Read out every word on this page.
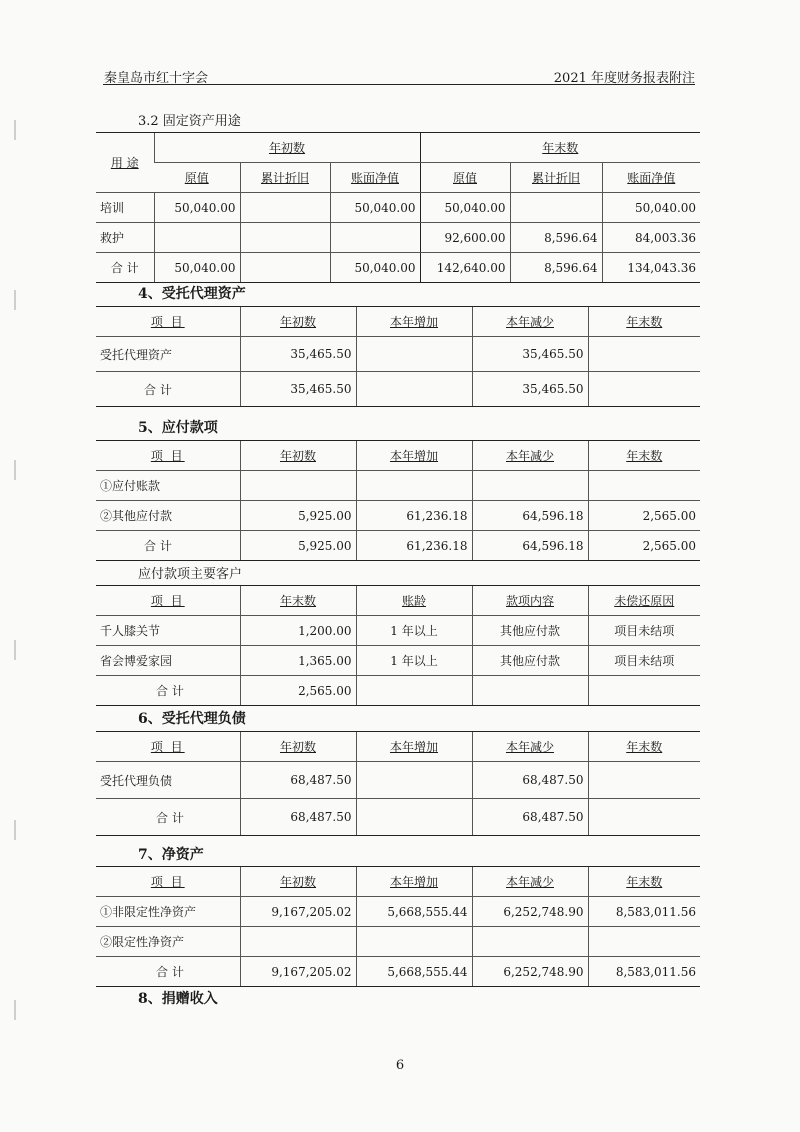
秦皇岛市红十字会	2021 年度财务报表附注
3.2 固定资产用途
用 途	年初数			年末数		
	原值	累计折旧	账面净值	原值	累计折旧	账面净值
培训	50,040.00		50,040.00	50,040.00		50,040.00
救护				92,600.00	8,596.64	84,003.36
合 计	50,040.00		50,040.00	142,640.00	8,596.64	134,043.36
4、受托代理资产
项 目	年初数	本年增加	本年减少	年末数
受托代理资产	35,465.50		35,465.50	
合 计	35,465.50		35,465.50	
5、应付款项
项 目	年初数	本年增加	本年减少	年末数
①应付账款				
②其他应付款	5,925.00	61,236.18	64,596.18	2,565.00
合 计	5,925.00	61,236.18	64,596.18	2,565.00
应付款项主要客户
项 目	年末数	账龄	款项内容	未偿还原因
千人膝关节	1,200.00	1 年以上	其他应付款	项目未结项
省会博爱家园	1,365.00	1 年以上	其他应付款	项目未结项
合 计	2,565.00			
6、受托代理负债
项 目	年初数	本年增加	本年减少	年末数
受托代理负债	68,487.50		68,487.50	
合 计	68,487.50		68,487.50	
7、净资产
项 目	年初数	本年增加	本年减少	年末数
①非限定性净资产	9,167,205.02	5,668,555.44	6,252,748.90	8,583,011.56
②限定性净资产				
合 计	9,167,205.02	5,668,555.44	6,252,748.90	8,583,011.56
8、捐赠收入
6
